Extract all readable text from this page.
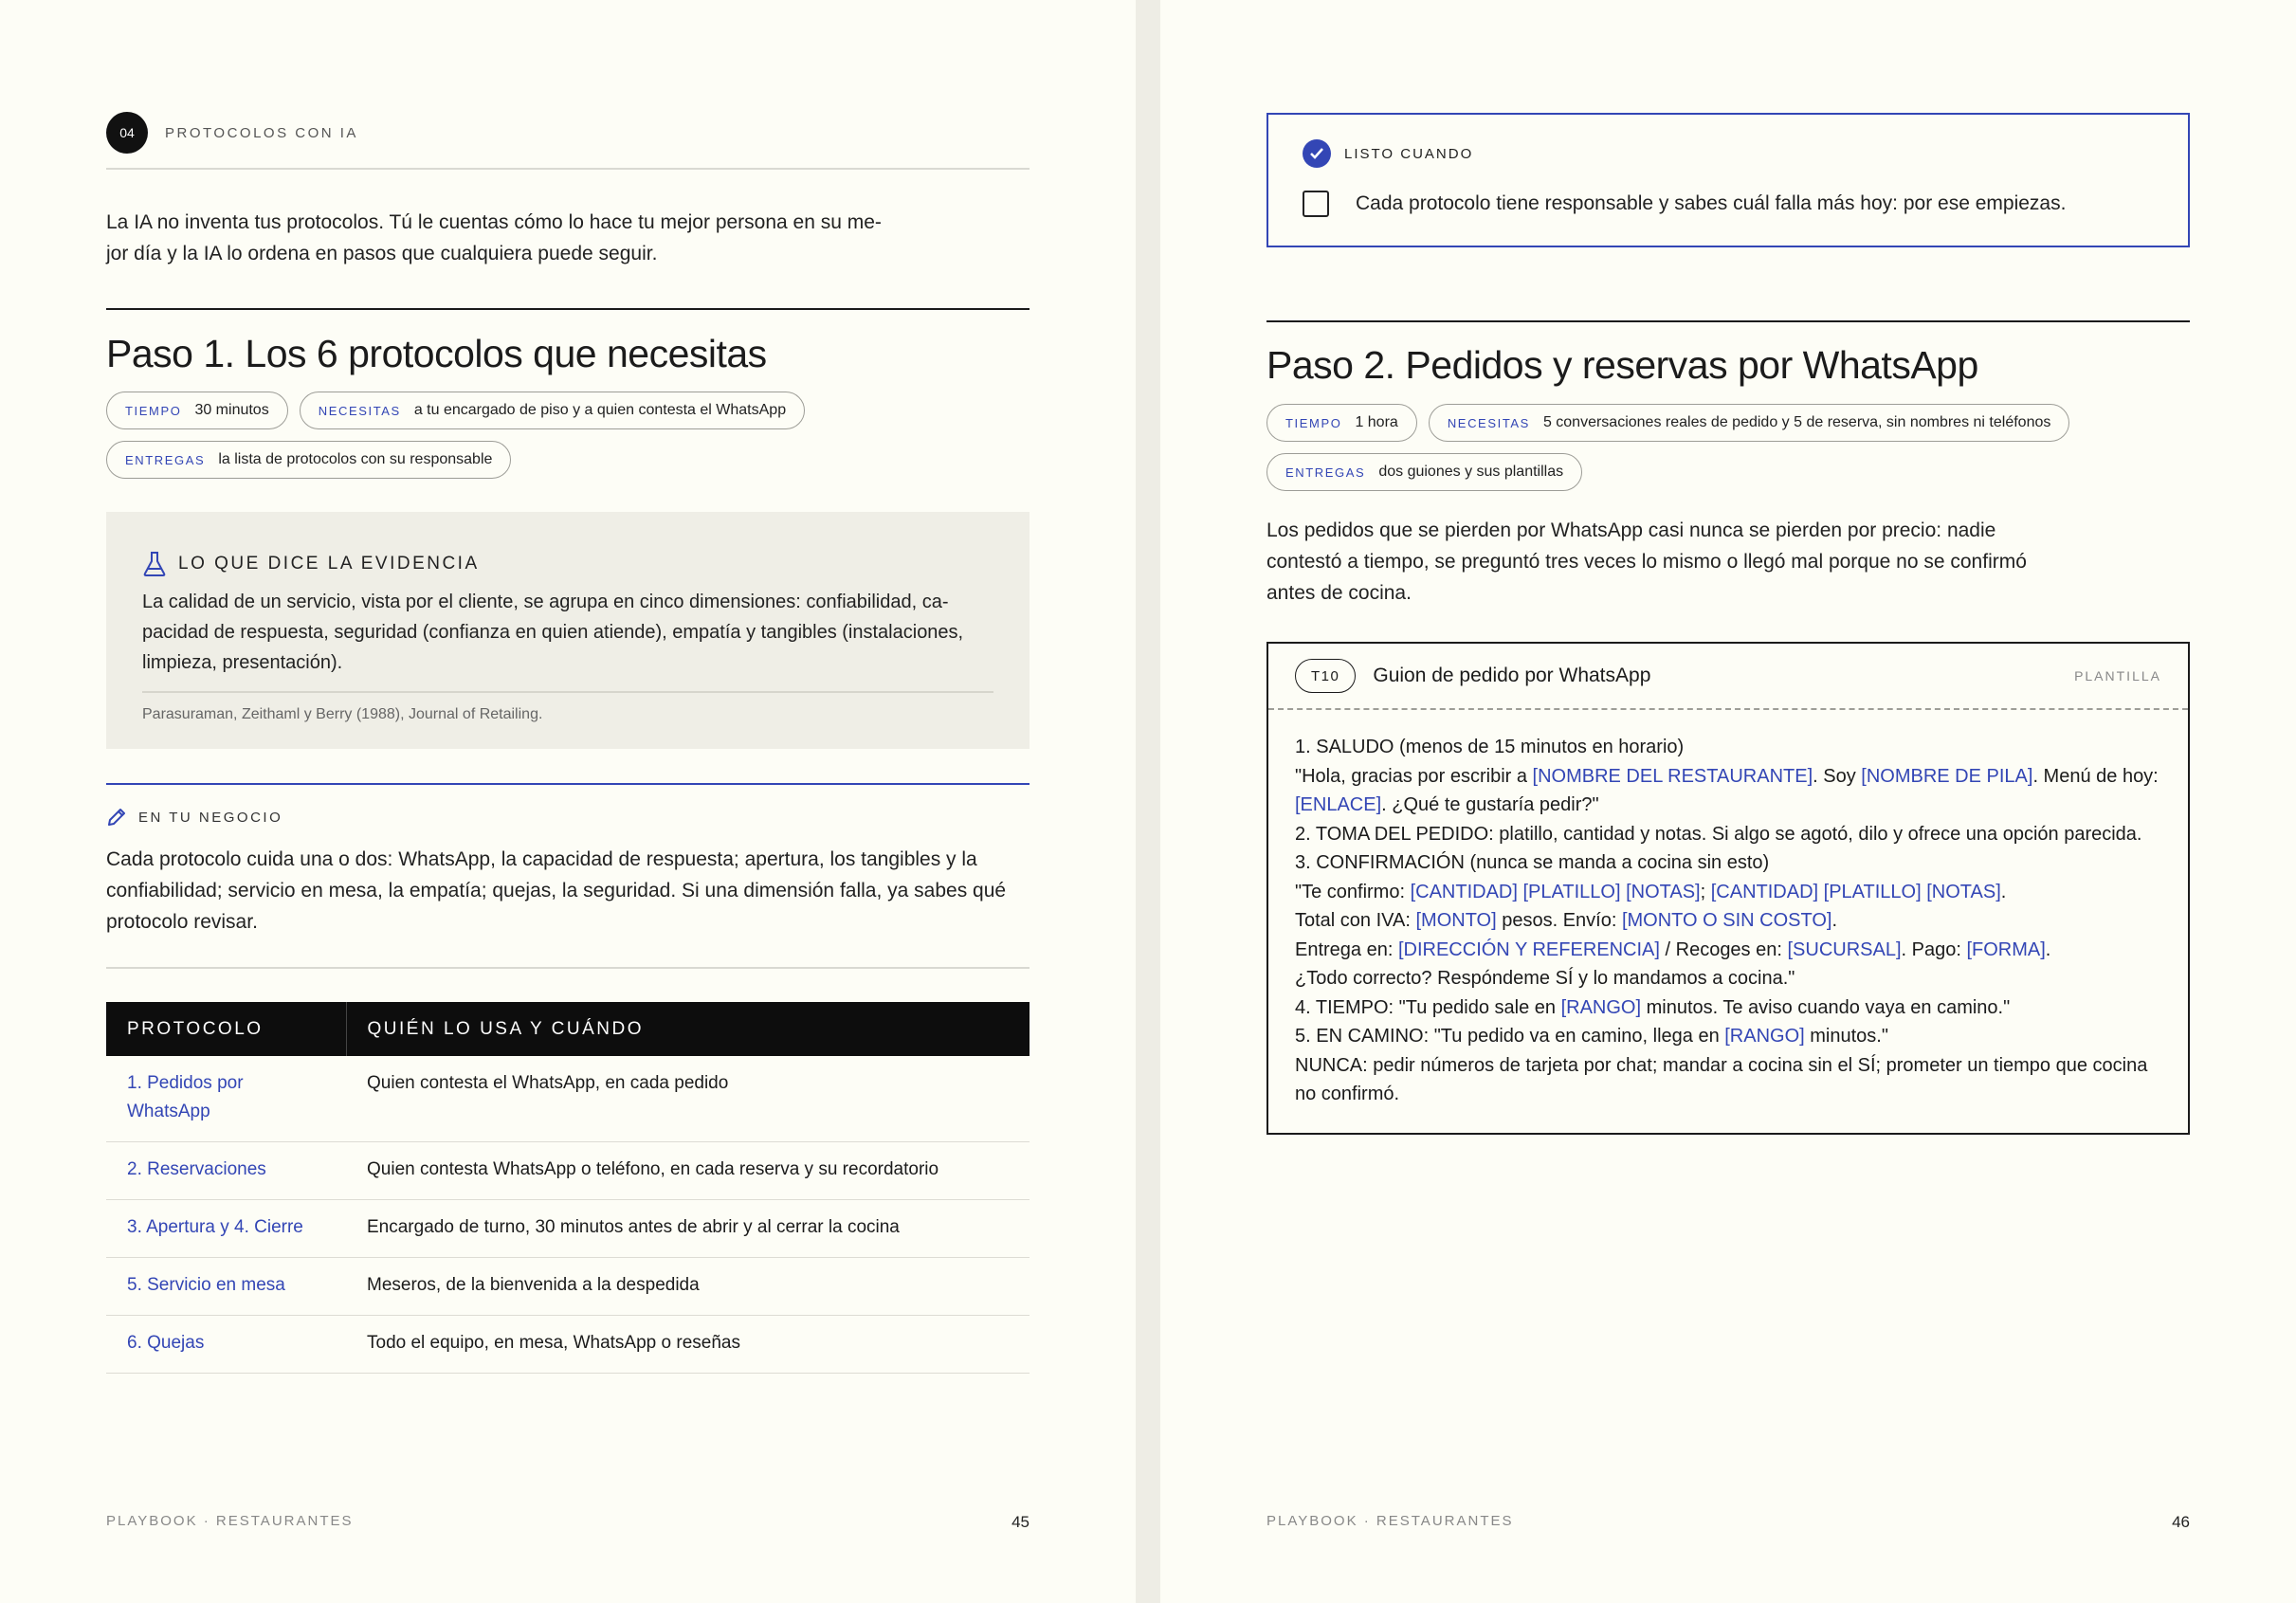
04	PROTOCOLOS CON IA
La IA no inventa tus protocolos. Tú le cuentas cómo lo hace tu mejor persona en su me-
jor día y la IA lo ordena en pasos que cualquiera puede seguir.
Paso 1. Los 6 protocolos que necesitas
TIEMPO 30 minutos	NECESITAS a tu encargado de piso y a quien contesta el WhatsApp
ENTREGAS la lista de protocolos con su responsable
LO QUE DICE LA EVIDENCIA
La calidad de un servicio, vista por el cliente, se agrupa en cinco dimensiones: confiabilidad, ca-
pacidad de respuesta, seguridad (confianza en quien atiende), empatía y tangibles (instalaciones,
limpieza, presentación).
Parasuraman, Zeithaml y Berry (1988), Journal of Retailing.
EN TU NEGOCIO
Cada protocolo cuida una o dos: WhatsApp, la capacidad de respuesta; apertura, los tangibles y la
confiabilidad; servicio en mesa, la empatía; quejas, la seguridad. Si una dimensión falla, ya sabes qué
protocolo revisar.
PROTOCOLO	QUIÉN LO USA Y CUÁNDO
1. Pedidos por
WhatsApp	Quien contesta el WhatsApp, en cada pedido
2. Reservaciones	Quien contesta WhatsApp o teléfono, en cada reserva y su recordatorio
3. Apertura y 4. Cierre	Encargado de turno, 30 minutos antes de abrir y al cerrar la cocina
5. Servicio en mesa	Meseros, de la bienvenida a la despedida
6. Quejas	Todo el equipo, en mesa, WhatsApp o reseñas
PLAYBOOK · RESTAURANTES	45
LISTO CUANDO
Cada protocolo tiene responsable y sabes cuál falla más hoy: por ese empiezas.
Paso 2. Pedidos y reservas por WhatsApp
TIEMPO 1 hora	NECESITAS 5 conversaciones reales de pedido y 5 de reserva, sin nombres ni teléfonos
ENTREGAS dos guiones y sus plantillas
Los pedidos que se pierden por WhatsApp casi nunca se pierden por precio: nadie
contestó a tiempo, se preguntó tres veces lo mismo o llegó mal porque no se confirmó
antes de cocina.
T10	Guion de pedido por WhatsApp	PLANTILLA
1. SALUDO (menos de 15 minutos en horario)
"Hola, gracias por escribir a [NOMBRE DEL RESTAURANTE]. Soy [NOMBRE DE PILA]. Menú de hoy:
[ENLACE]. ¿Qué te gustaría pedir?"
2. TOMA DEL PEDIDO: platillo, cantidad y notas. Si algo se agotó, dilo y ofrece una opción parecida.
3. CONFIRMACIÓN (nunca se manda a cocina sin esto)
"Te confirmo: [CANTIDAD] [PLATILLO] [NOTAS]; [CANTIDAD] [PLATILLO] [NOTAS].
Total con IVA: [MONTO] pesos. Envío: [MONTO O SIN COSTO].
Entrega en: [DIRECCIÓN Y REFERENCIA] / Recoges en: [SUCURSAL]. Pago: [FORMA].
¿Todo correcto? Respóndeme SÍ y lo mandamos a cocina."
4. TIEMPO: "Tu pedido sale en [RANGO] minutos. Te aviso cuando vaya en camino."
5. EN CAMINO: "Tu pedido va en camino, llega en [RANGO] minutos."
NUNCA: pedir números de tarjeta por chat; mandar a cocina sin el SÍ; prometer un tiempo que cocina
no confirmó.
PLAYBOOK · RESTAURANTES	46
